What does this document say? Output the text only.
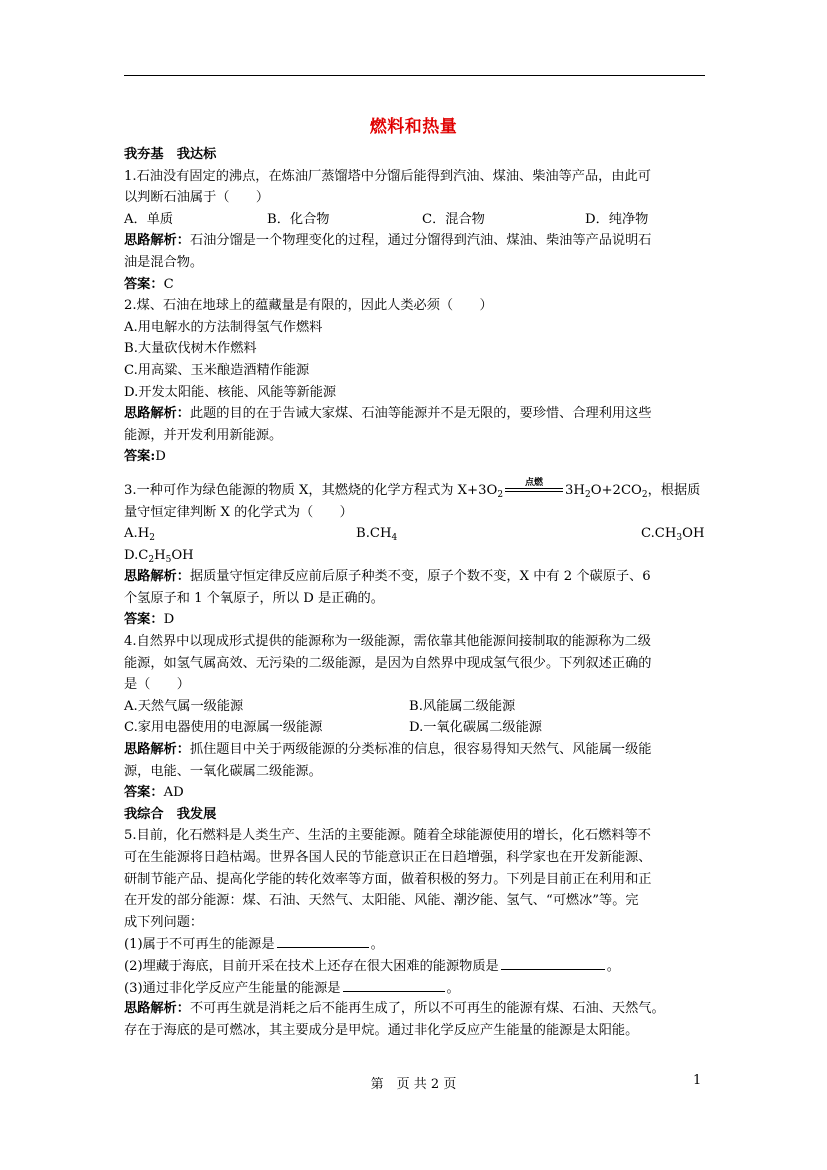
燃料和热量
我夯基　我达标
1.石油没有固定的沸点，在炼油厂蒸馏塔中分馏后能得到汽油、煤油、柴油等产品，由此可
以判断石油属于（　　）
A．单质	B．化合物	C．混合物	D．纯净物
思路解析：石油分馏是一个物理变化的过程，通过分馏得到汽油、煤油、柴油等产品说明石
油是混合物。
答案：C
2.煤、石油在地球上的蕴藏量是有限的，因此人类必须（　　）
A.用电解水的方法制得氢气作燃料
B.大量砍伐树木作燃料
C.用高粱、玉米酿造酒精作能源
D.开发太阳能、核能、风能等新能源
思路解析：此题的目的在于告诫大家煤、石油等能源并不是无限的，要珍惜、合理利用这些
能源，并开发利用新能源。
答案:D
3.一种可作为绿色能源的物质 X，其燃烧的化学方程式为 $X+3O_2$
点燃	$3H_2O+2CO_2$，根据质
量守恒定律判断 X 的化学式为（　　）
$A.H_2$	$B.CH_4$	$C.CH_3OH$
$D.C_2H_5OH$
思路解析：据质量守恒定律反应前后原子种类不变，原子个数不变，X 中有 2 个碳原子、6
个氢原子和 1 个氧原子，所以 D 是正确的。
答案：D
4.自然界中以现成形式提供的能源称为一级能源，需依靠其他能源间接制取的能源称为二级
能源，如氢气属高效、无污染的二级能源，是因为自然界中现成氢气很少。下列叙述正确的
是（　　）
A.天然气属一级能源	B.风能属二级能源
C.家用电器使用的电源属一级能源	D.一氧化碳属二级能源
思路解析：抓住题目中关于两级能源的分类标准的信息，很容易得知天然气、风能属一级能
源，电能、一氧化碳属二级能源。
答案：AD
我综合　我发展
5.目前，化石燃料是人类生产、生活的主要能源。随着全球能源使用的增长，化石燃料等不
可在生能源将日趋枯竭。世界各国人民的节能意识正在日趋增强，科学家也在开发新能源、
研制节能产品、提高化学能的转化效率等方面，做着积极的努力。下列是目前正在利用和正
在开发的部分能源：煤、石油、天然气、太阳能、风能、潮汐能、氢气、“可燃冰”等。完
成下列问题：
(1)属于不可再生的能源是	。
(2)埋藏于海底，目前开采在技术上还存在很大困难的能源物质是	。
(3)通过非化学反应产生能量的能源是	。
思路解析：不可再生就是消耗之后不能再生成了，所以不可再生的能源有煤、石油、天然气。
存在于海底的是可燃冰，其主要成分是甲烷。通过非化学反应产生能量的能源是太阳能。
第　页 共 2 页	1
